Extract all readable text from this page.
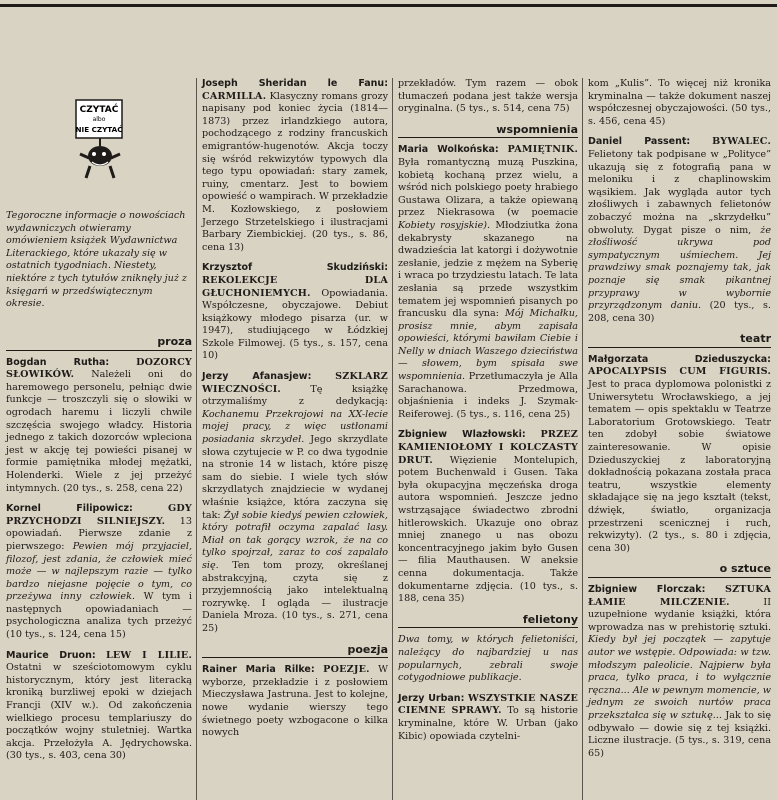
CZYTAĆ
albo
NIE CZYTAĆ
Tegoroczne informacje o nowościach wydawniczych otwieramy omówieniem książek Wydawnictwa Literackiego, które ukazały się w ostatnich tygodniach. Niestety, niektóre z tych tytułów zniknęły już z księgarń w przedświątecznym okresie.
proza

Bogdan Rutha:	DOZORCY SŁOWIKÓW. Należeli oni do haremowego personelu, pełniąc dwie funkcje — troszczyli się o słowiki w ogrodach haremu i liczyli chwile szczęścia swojego władcy. Historia jednego z takich dozorców wpleciona jest w akcję tej powieści pisanej w formie pamiętnika młodej mężatki, Holenderki. Wiele z jej przeżyć intymnych. (20 tys., s. 258, cena 22)

Kornel Filipowicz:	GDY PRZYCHODZI SILNIEJSZY. 13 opowiadań. Pierwsze zdanie z pierwszego: Pewien mój przyjaciel, filozof, jest zdania, że człowiek mieć może — w najlepszym razie — tylko bardzo niejasne pojęcie o tym, co przeżywa inny człowiek. W tym i następnych opowiadaniach — psychologiczna analiza tych przeżyć (10 tys., s. 124, cena 15)

Maurice Druon: LEW I LILIE. Ostatni w sześciotomowym cyklu historycznym, który jest literacką kroniką burzliwej epoki w dziejach Francji (XIV w.). Od zakończenia wielkiego procesu templariuszy do początków wojny stuletniej. Wartka akcja. Przełożyła A. Jędrychowska. (30 tys., s. 403, cena 30)

Joseph Sheridan le Fanu: CARMILLA. Klasyczny romans grozy napisany pod koniec życia (1814—1873) przez irlandzkiego autora, pochodzącego z rodziny francuskich emigrantów-hugenotów. Akcja toczy się wśród rekwizytów typowych dla tego typu opowiadań: stary zamek, ruiny, cmentarz. Jest to bowiem opowieść o wampirach. W przekładzie M. Kozłowskiego, z posłowiem Jerzego Strzetelskiego i ilustracjami Barbary Ziembickiej. (20 tys., s. 86, cena 13)

Krzysztof Skudziński: REKOLEKCJE DLA GŁUCHONIEMYCH. Opowiadania. Współczesne, obyczajowe. Debiut książkowy młodego pisarza (ur. w 1947), studiującego w Łódzkiej Szkole Filmowej. (5 tys., s. 157, cena 10)

Jerzy Afanasjew: SZKLARZ WIECZNOŚCI.	Tę książkę otrzymaliśmy z dedykacją: Kochanemu Przekrojowi na XX-lecie mojej pracy, z więc ustłonami posiadania skrzydeł. Jego skrzydlate słowa czytujecie w P. co dwa tygodnie na stronie 14 w listach, które piszę sam do siebie. I wiele tych słów skrzydlatych znajdziecie w wydanej właśnie książce, która zaczyna się tak: Żył sobie kiedyś pewien człowiek, który potrafił oczyma zapalać lasy. Miał on tak gorący wzrok, że na co tylko spojrzał, zaraz to coś zapalało się. Ten tom prozy, określanej abstrakcyjną, czyta się z przyjemnością jako intelektualną rozrywkę. I ogląda — ilustracje Daniela Mroza. (10 tys., s. 271, cena 25)

poezja

Rainer Maria Rilke: POEZJE. W wyborze, przekładzie i z posłowiem Mieczysława Jastruna. Jest to kolejne, nowe wydanie wierszy tego świetnego poety wzbogacone o kilka nowych

przekładów. Tym razem — obok tłumaczeń podana jest także wersja oryginalna. (5 tys., s. 514, cena 75)

wspomnienia

Maria Wolkońska: PAMIĘTNIK. Była romantyczną muzą Puszkina, kobietą kochaną przez wielu, a wśród nich polskiego poety hrabiego Gustawa Olizara, a także opiewaną przez Niekrasowa (w poemacie Kobiety rosyjskie). Młodziutka żona dekabrysty skazanego na dwadzieścia lat katorgi i dożywotnie zesłanie, jedzie z mężem na Syberię i wraca po trzydziestu latach. Te lata zesłania są przede wszystkim tematem jej wspomnień pisanych po francusku dla syna: Mój Michałku, prosisz mnie, abym zapisała opowieści, którymi bawiłam Ciebie i Nelly w dniach Waszego dzieciństwa — słowem, bym spisała swe wspomnienia. Przetłumaczyła je Alla Sarachanowa. Przedmowa, objaśnienia i indeks J. Szymak-Reiferowej. (5 tys., s. 116, cena 25)

Zbigniew Wlazłowski: PRZEZ KAMIENIOŁOMY I KOLCZASTY DRUT. Więzienie Montelupich, potem Buchenwald i Gusen. Taka była okupacyjna męczeńska droga autora wspomnień. Jeszcze jedno wstrząsające świadectwo zbrodni hitlerowskich. Ukazuje ono obraz mniej znanego u nas obozu koncentracyjnego jakim było Gusen — filia Mauthausen. W aneksie cenna dokumentacja. Także dokumentarne zdjęcia. (10 tys., s. 188, cena 35)

felietony

Dwa tomy, w których felietoniści, należący do najbardziej u nas popularnych, zebrali swoje cotygodniowe publikacje.

Jerzy Urban: WSZYSTKIE NASZE CIEMNE SPRAWY. To są historie kryminalne, które W. Urban (jako Kibic) opowiada czytelni-

kom „Kulis”. To więcej niż kronika kryminalna — także dokument naszej współczesnej obyczajowości. (50 tys., s. 456, cena 45)

Daniel Passent: BYWALEC. Felietony tak podpisane w „Polityce” ukazują się z fotografią pana w meloniku i z chaplinowskim wąsikiem. Jak wygląda autor tych złośliwych i zabawnych felietonów zobaczyć można na „skrzydełku” obwoluty. Dygat pisze o nim, że złośliwość ukrywa pod sympatycznym uśmiechem. Jej prawdziwy smak poznajemy tak, jak poznaje się smak pikantnej przyprawy w wybornie przyrządzonym daniu. (20 tys., s. 208, cena 30)

teatr

Małgorzata Dzieduszycka: APOCALYPSIS CUM FIGURIS. Jest to praca dyplomowa polonistki z Uniwersytetu Wrocławskiego, a jej tematem — opis spektaklu w Teatrze Laboratorium Grotowskiego. Teatr ten zdobył sobie światowe zainteresowanie. W opisie Dzieduszyckiej z laboratoryjną dokładnością pokazana została praca teatru, wszystkie elementy składające się na jego kształt (tekst, dźwięk, światło, organizacja przestrzeni scenicznej i ruch, rekwizyty). (2 tys., s. 80 i zdjęcia, cena 30)

o sztuce

Zbigniew Florczak: SZTUKA ŁAMIE MILCZENIE.	II uzupełnione wydanie książki, która wprowadza nas w prehistorię sztuki. Kiedy był jej początek — zapytuje autor we wstępie. Odpowiada: w tzw. młodszym paleolicie. Najpierw była praca, tylko praca, i to wyłącznie ręczna... Ale w pewnym momencie, w jednym ze swoich nurtów praca przekształca się w sztukę... Jak to się odbywało — dowie się z tej książki. Liczne ilustracje. (5 tys., s. 319, cena 65)
